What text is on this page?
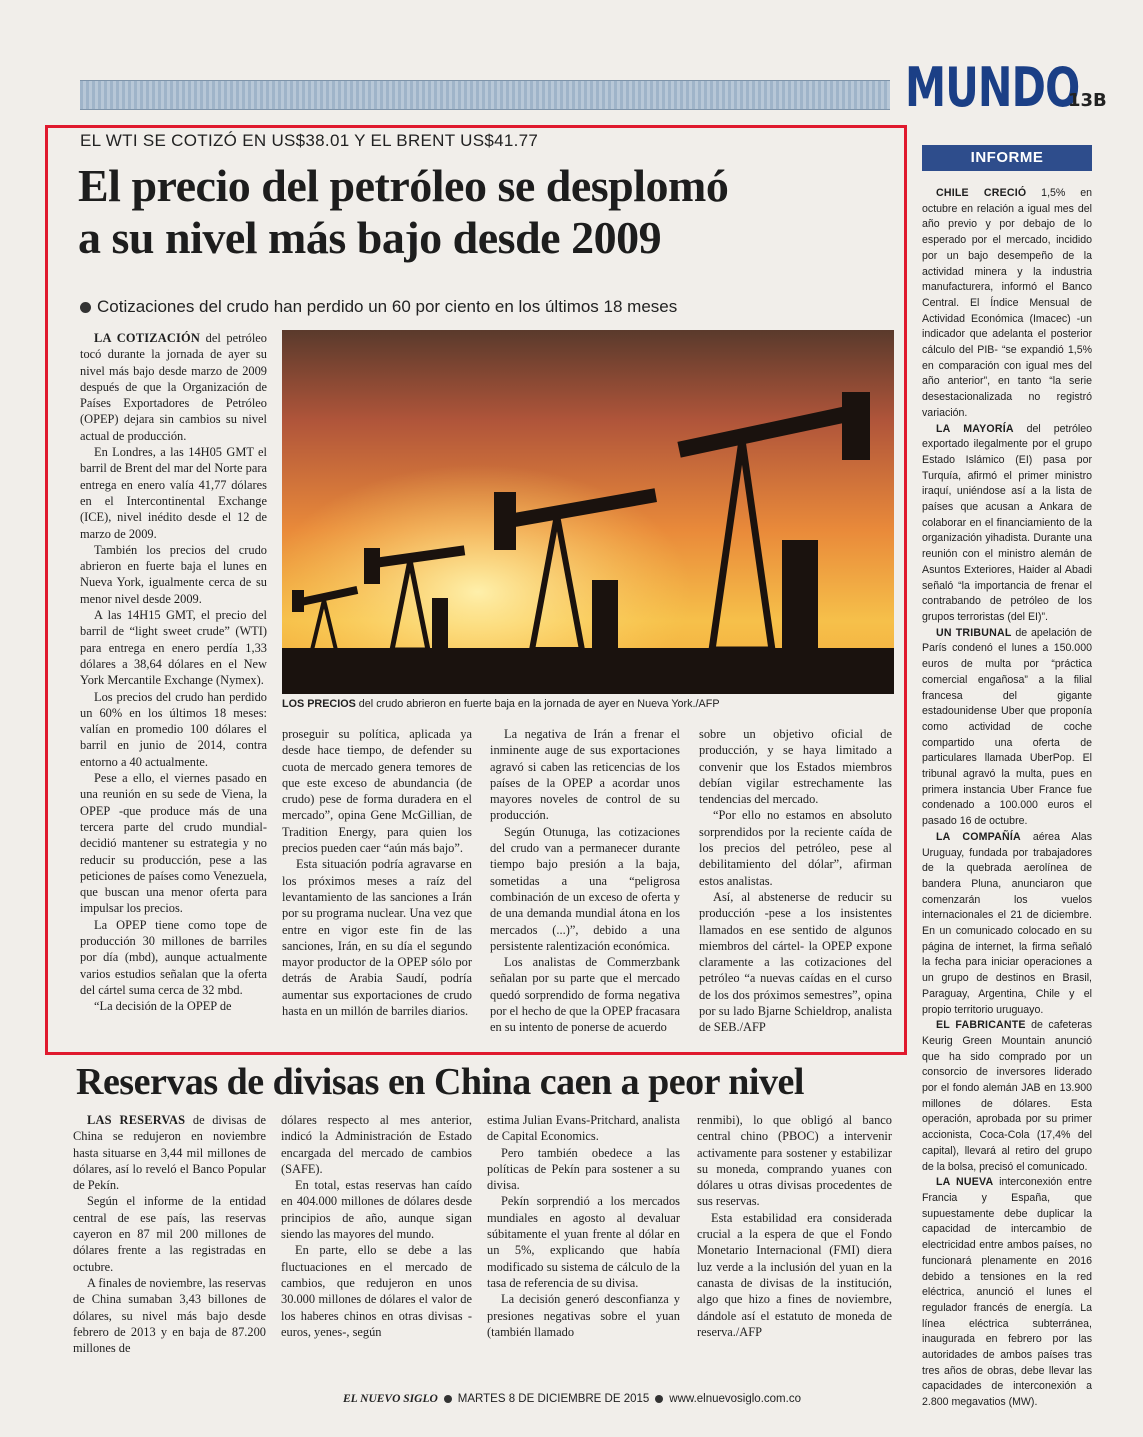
MUNDO
13B
EL WTI SE COTIZÓ EN US$38.01 Y EL BRENT US$41.77
El precio del petróleo se desplomó
a su nivel más bajo desde 2009
Cotizaciones del crudo han perdido un 60 por ciento en los últimos 18 meses

LA COTIZACIÓN del petróleo tocó durante la jornada de ayer su nivel más bajo desde marzo de 2009 después de que la Organización de Países Exportadores de Petróleo (OPEP) dejara sin cambios su nivel actual de producción.

En Londres, a las 14H05 GMT el barril de Brent del mar del Norte para entrega en enero valía 41,77 dólares en el Intercontinental Exchange (ICE), nivel inédito desde el 12 de marzo de 2009.

También los precios del crudo abrieron en fuerte baja el lunes en Nueva York, igualmente cerca de su menor nivel desde 2009.

A las 14H15 GMT, el precio del barril de “light sweet crude” (WTI) para entrega en enero perdía 1,33 dólares a 38,64 dólares en el New York Mercantile Exchange (Nymex).

Los precios del crudo han perdido un 60% en los últimos 18 meses: valían en promedio 100 dólares el barril en junio de 2014, contra entorno a 40 actualmente.

Pese a ello, el viernes pasado en una reunión en su sede de Viena, la OPEP -que produce más de una tercera parte del crudo mundial- decidió mantener su estrategia y no reducir su producción, pese a las peticiones de países como Venezuela, que buscan una menor oferta para impulsar los precios.

La OPEP tiene como tope de producción 30 millones de barriles por día (mbd), aunque actualmente varios estudios señalan que la oferta del cártel suma cerca de 32 mbd.

“La decisión de la OPEP de

LOS PRECIOS del crudo abrieron en fuerte baja en la jornada de ayer en Nueva York./AFP

proseguir su política, aplicada ya desde hace tiempo, de defender su cuota de mercado genera temores de que este exceso de abundancia (de crudo) pese de forma duradera en el mercado”, opina Gene McGillian, de Tradition Energy, para quien los precios pueden caer “aún más bajo”.

Esta situación podría agravarse en los próximos meses a raíz del levantamiento de las sanciones a Irán por su programa nuclear. Una vez que entre en vigor este fin de las sanciones, Irán, en su día el segundo mayor productor de la OPEP sólo por detrás de Arabia Saudí, podría aumentar sus exportaciones de crudo hasta en un millón de barriles diarios.

La negativa de Irán a frenar el inminente auge de sus exportaciones agravó si caben las reticencias de los países de la OPEP a acordar unos mayores noveles de control de su producción.

Según Otunuga, las cotizaciones del crudo van a permanecer durante tiempo bajo presión a la baja, sometidas a una “peligrosa combinación de un exceso de oferta y de una demanda mundial átona en los mercados (...)”, debido a una persistente ralentización económica.

Los analistas de Commerzbank señalan por su parte que el mercado quedó sorprendido de forma negativa por el hecho de que la OPEP fracasara en su intento de ponerse de acuerdo

sobre un objetivo oficial de producción, y se haya limitado a convenir que los Estados miembros debían vigilar estrechamente las tendencias del mercado.

“Por ello no estamos en absoluto sorprendidos por la reciente caída de los precios del petróleo, pese al debilitamiento del dólar”, afirman estos analistas.

Así, al abstenerse de reducir su producción -pese a los insistentes llamados en ese sentido de algunos miembros del cártel- la OPEP expone claramente a las cotizaciones del petróleo “a nuevas caídas en el curso de los dos próximos semestres”, opina por su lado Bjarne Schieldrop, analista de SEB./AFP

INFORME

CHILE CRECIÓ 1,5% en octubre en relación a igual mes del año previo y por debajo de lo esperado por el mercado, incidido por un bajo desempeño de la actividad minera y la industria manufacturera, informó el Banco Central. El Índice Mensual de Actividad Económica (Imacec) -un indicador que adelanta el posterior cálculo del PIB- “se expandió 1,5% en comparación con igual mes del año anterior”, en tanto “la serie desestacionalizada no registró variación.

LA MAYORÍA del petróleo exportado ilegalmente por el grupo Estado Islámico (EI) pasa por Turquía, afirmó el primer ministro iraquí, uniéndose así a la lista de países que acusan a Ankara de colaborar en el financiamiento de la organización yihadista. Durante una reunión con el ministro alemán de Asuntos Exteriores, Haider al Abadi señaló “la importancia de frenar el contrabando de petróleo de los grupos terroristas (del EI)”.

UN TRIBUNAL de apelación de París condenó el lunes a 150.000 euros de multa por “práctica comercial engañosa” a la filial francesa del gigante estadounidense Uber que proponía como actividad de coche compartido una oferta de particulares llamada UberPop. El tribunal agravó la multa, pues en primera instancia Uber France fue condenado a 100.000 euros el pasado 16 de octubre.

LA COMPAÑÍA aérea Alas Uruguay, fundada por trabajadores de la quebrada aerolínea de bandera Pluna, anunciaron que comenzarán los vuelos internacionales el 21 de diciembre. En un comunicado colocado en su página de internet, la firma señaló la fecha para iniciar operaciones a un grupo de destinos en Brasil, Paraguay, Argentina, Chile y el propio territorio uruguayo.

EL FABRICANTE de cafeteras Keurig Green Mountain anunció que ha sido comprado por un consorcio de inversores liderado por el fondo alemán JAB en 13.900 millones de dólares. Esta operación, aprobada por su primer accionista, Coca-Cola (17,4% del capital), llevará al retiro del grupo de la bolsa, precisó el comunicado.

LA NUEVA interconexión entre Francia y España, que supuestamente debe duplicar la capacidad de intercambio de electricidad entre ambos países, no funcionará plenamente en 2016 debido a tensiones en la red eléctrica, anunció el lunes el regulador francés de energía. La línea eléctrica subterránea, inaugurada en febrero por las autoridades de ambos países tras tres años de obras, debe llevar las capacidades de interconexión a 2.800 megavatios (MW).

Reservas de divisas en China caen a peor nivel

LAS RESERVAS de divisas de China se redujeron en noviembre hasta situarse en 3,44 mil millones de dólares, así lo reveló el Banco Popular de Pekín.

Según el informe de la entidad central de ese país, las reservas cayeron en 87 mil 200 millones de dólares frente a las registradas en octubre.

A finales de noviembre, las reservas de China sumaban 3,43 billones de dólares, su nivel más bajo desde febrero de 2013 y en baja de 87.200 millones de

dólares respecto al mes anterior, indicó la Administración de Estado encargada del mercado de cambios (SAFE).

En total, estas reservas han caído en 404.000 millones de dólares desde principios de año, aunque sigan siendo las mayores del mundo.

En parte, ello se debe a las fluctuaciones en el mercado de cambios, que redujeron en unos 30.000 millones de dólares el valor de los haberes chinos en otras divisas -euros, yenes-, según

estima Julian Evans-Pritchard, analista de Capital Economics.

Pero también obedece a las políticas de Pekín para sostener a su divisa.

Pekín sorprendió a los mercados mundiales en agosto al devaluar súbitamente el yuan frente al dólar en un 5%, explicando que había modificado su sistema de cálculo de la tasa de referencia de su divisa.

La decisión generó desconfianza y presiones negativas sobre el yuan (también llamado

renmibi), lo que obligó al banco central chino (PBOC) a intervenir activamente para sostener y estabilizar su moneda, comprando yuanes con dólares u otras divisas procedentes de sus reservas.

Esta estabilidad era considerada crucial a la espera de que el Fondo Monetario Internacional (FMI) diera luz verde a la inclusión del yuan en la canasta de divisas de la institución, algo que hizo a fines de noviembre, dándole así el estatuto de moneda de reserva./AFP

EL NUEVO SIGLO MARTES 8 DE DICIEMBRE DE 2015 www.elnuevosiglo.com.co
